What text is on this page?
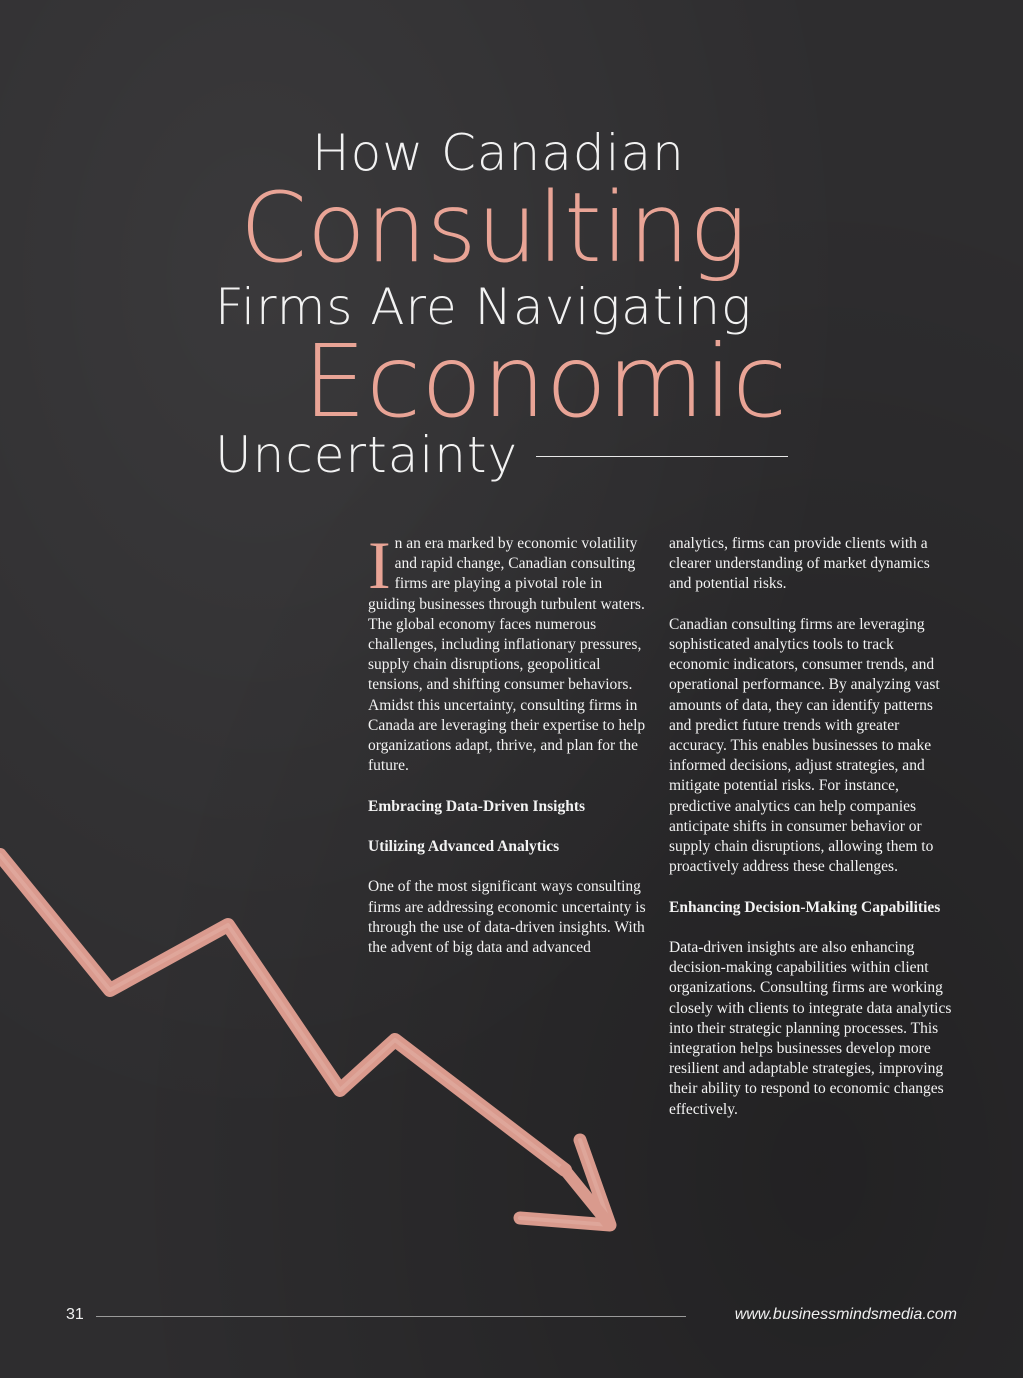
How Canadian
Consulting
Firms Are Navigating
Economic
Uncertainty

In an era marked by economic volatility and rapid change, Canadian consulting firms are playing a pivotal role in guiding businesses through turbulent waters. The global economy faces numerous challenges, including inflationary pressures, supply chain disruptions, geopolitical tensions, and shifting consumer behaviors. Amidst this uncertainty, consulting firms in Canada are leveraging their expertise to help organizations adapt, thrive, and plan for the future.

Embracing Data-Driven Insights

Utilizing Advanced Analytics

One of the most significant ways consulting firms are addressing economic uncertainty is through the use of data-driven insights. With the advent of big data and advanced

analytics, firms can provide clients with a clearer understanding of market dynamics and potential risks.

Canadian consulting firms are leveraging sophisticated analytics tools to track economic indicators, consumer trends, and operational performance. By analyzing vast amounts of data, they can identify patterns and predict future trends with greater accuracy. This enables businesses to make informed decisions, adjust strategies, and mitigate potential risks. For instance, predictive analytics can help companies anticipate shifts in consumer behavior or supply chain disruptions, allowing them to proactively address these challenges.

Enhancing Decision-Making Capabilities

Data-driven insights are also enhancing decision-making capabilities within client organizations. Consulting firms are working closely with clients to integrate data analytics into their strategic planning processes. This integration helps businesses develop more resilient and adaptable strategies, improving their ability to respond to economic changes effectively.

31	www.businessmindsmedia.com
